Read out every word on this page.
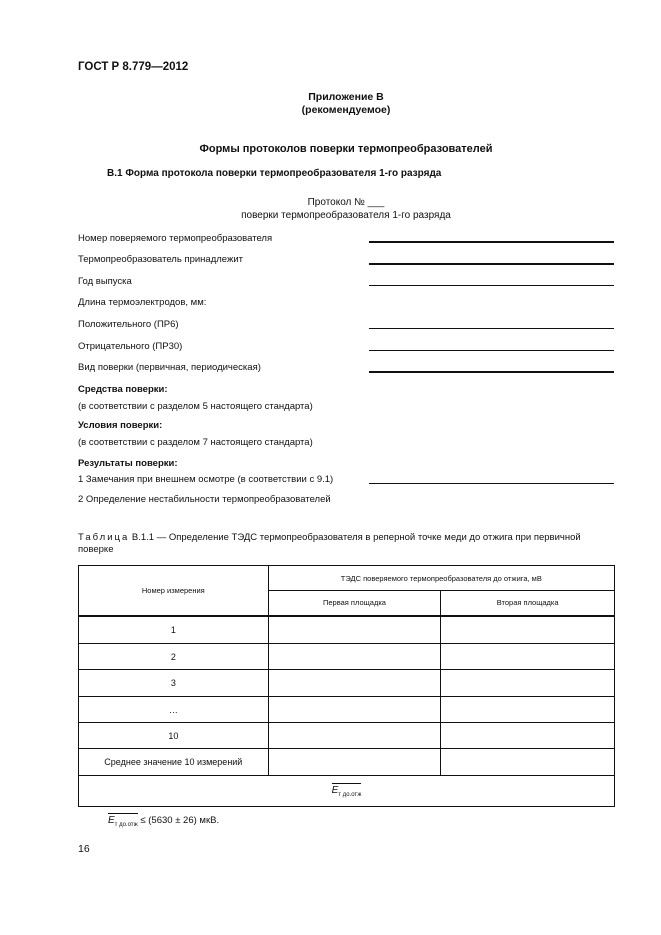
ГОСТ Р 8.779—2012
Приложение В
(рекомендуемое)
Формы протоколов поверки термопреобразователей
В.1 Форма протокола поверки термопреобразователя 1-го разряда
Протокол № ___
поверки термопреобразователя 1-го разряда
Номер поверяемого термопреобразователя
Термопреобразователь принадлежит
Год выпуска
Длина термоэлектродов, мм:
Положительного (ПР6)
Отрицательного (ПР30)
Вид поверки (первичная, периодическая)
Средства поверки:
(в соответствии с разделом 5 настоящего стандарта)
Условия поверки:
(в соответствии с разделом 7 настоящего стандарта)
Результаты поверки:
1 Замечания при внешнем осмотре (в соответствии с 9.1)
2 Определение нестабильности термопреобразователей
Таблица В.1.1 — Определение ТЭДС термопреобразователя в реперной точке меди до отжига при первичной поверке
Номер измерения	ТЭДС поверяемого термопреобразователя до отжига, мВ	
	Первая площадка	Вторая площадка
1		
2		
3		
…		
10		
Среднее значение 10 измерений		

$E_{т до.отж}$
$E_{т до.отж} \le (5630 \pm 26)$ мкВ.
16
